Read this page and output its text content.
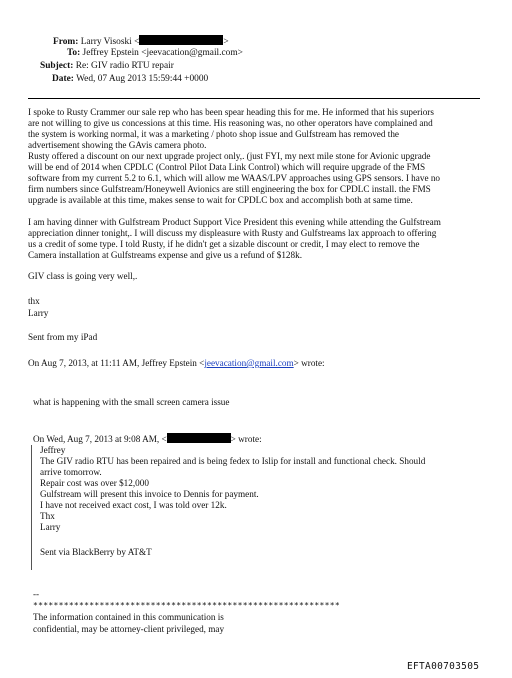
From: Larry Visoski <	>
To: Jeffrey Epstein <jeevacation@gmail.com>
Subject: Re: GIV radio RTU repair
Date: Wed, 07 Aug 2013 15:59:44 +0000
I spoke to Rusty Crammer our sale rep who has been spear heading this for me. He informed that his superiors
are not willing to give us concessions at this time. His reasoning was, no other operators have complained and
the system is working normal, it was a marketing / photo shop issue and Gulfstream has removed the
advertisement showing the GAvis camera photo.
Rusty offered a discount on our next upgrade project only,. (just FYI, my next mile stone for Avionic upgrade
will be end of 2014 when CPDLC (Control Pilot Data Link Control) which will require upgrade of the FMS
software from my current 5.2 to 6.1, which will allow me WAAS/LPV approaches using GPS sensors. I have no
firm numbers since Gulfstream/Honeywell Avionics are still engineering the box for CPDLC install. the FMS
upgrade is available at this time, makes sense to wait for CPDLC box and accomplish both at same time.
I am having dinner with Gulfstream Product Support Vice President this evening while attending the Gulfstream
appreciation dinner tonight,. I will discuss my displeasure with Rusty and Gulfstreams lax approach to offering
us a credit of some type. I told Rusty, if he didn't get a sizable discount or credit, I may elect to remove the
Camera installation at Gulfstreams expense and give us a refund of $128k.
GIV class is going very well,.
thx
Larry
Sent from my iPad
On Aug 7, 2013, at 11:11 AM, Jeffrey Epstein <jeevacation@gmail.com> wrote:
what is happening with the small screen camera issue
On Wed, Aug 7, 2013 at 9:08 AM, <	> wrote:
Jeffrey
The GIV radio RTU has been repaired and is being fedex to Islip for install and functional check. Should
arrive tomorrow.
Repair cost was over $12,000
Gulfstream will present this invoice to Dennis for payment.
I have not received exact cost, I was told over 12k.
Thx
Larry
Sent via BlackBerry by AT&T
--
************************************************************
The information contained in this communication is
confidential, may be attorney-client privileged, may
EFTA00703505
